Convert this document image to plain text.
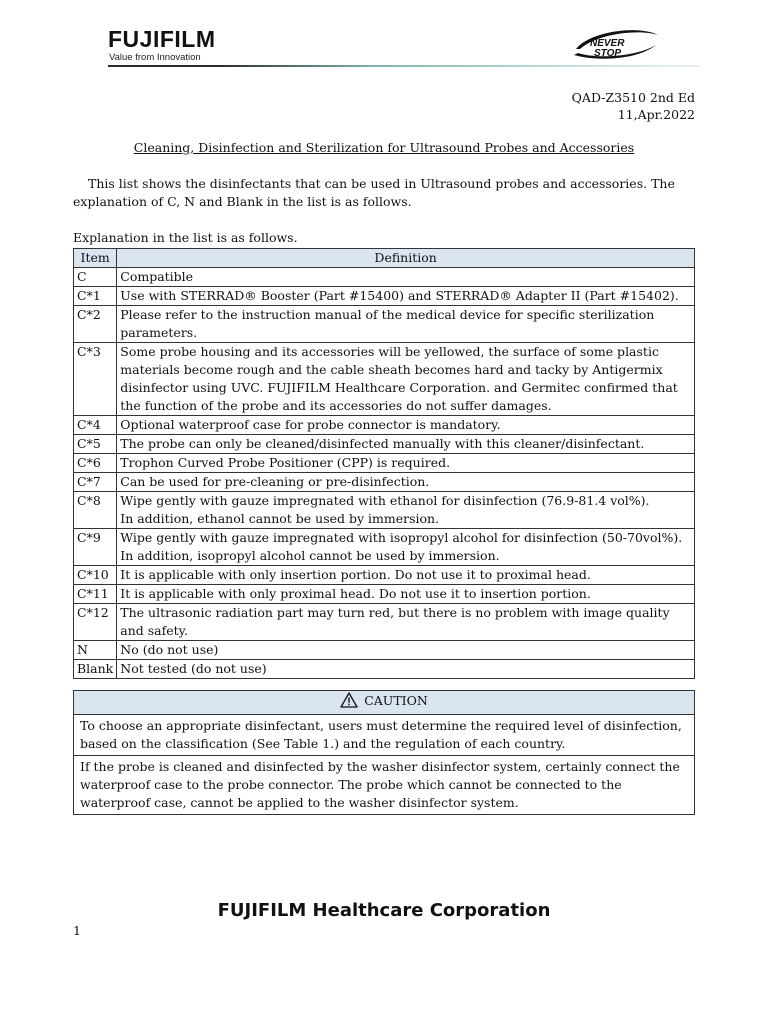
FUJIFILM
Value from Innovation
NEVER
STOP
QAD-Z3510 2nd Ed
11,Apr.2022
Cleaning, Disinfection and Sterilization for Ultrasound Probes and Accessories
This list shows the disinfectants that can be used in Ultrasound probes and accessories. The explanation of C, N and Blank in the list is as follows.
Explanation in the list is as follows.
Item	Definition
C	Compatible
C*1	Use with STERRAD® Booster (Part #15400) and STERRAD® Adapter II (Part #15402).
C*2	Please refer to the instruction manual of the medical device for specific sterilization parameters.
C*3	Some probe housing and its accessories will be yellowed, the surface of some plastic materials become rough and the cable sheath becomes hard and tacky by Antigermix disinfector using UVC. FUJIFILM Healthcare Corporation. and Germitec confirmed that the function of the probe and its accessories do not suffer damages.
C*4	Optional waterproof case for probe connector is mandatory.
C*5	The probe can only be cleaned/disinfected manually with this cleaner/disinfectant.
C*6	Trophon Curved Probe Positioner (CPP) is required.
C*7	Can be used for pre-cleaning or pre-disinfection.
C*8	Wipe gently with gauze impregnated with ethanol for disinfection (76.9-81.4 vol%).
In addition, ethanol cannot be used by immersion.

C*9	Wipe gently with gauze impregnated with isopropyl alcohol for disinfection (50-70vol%).
In addition, isopropyl alcohol cannot be used by immersion.

C*10	It is applicable with only insertion portion. Do not use it to proximal head.
C*11	It is applicable with only proximal head. Do not use it to insertion portion.
C*12	The ultrasonic radiation part may turn red, but there is no problem with image quality and safety.
N	No (do not use)
Blank	Not tested (do not use)
CAUTION
To choose an appropriate disinfectant, users must determine the required level of disinfection, based on the classification (See Table 1.) and the regulation of each country.
If the probe is cleaned and disinfected by the washer disinfector system, certainly connect the waterproof case to the probe connector. The probe which cannot be connected to the waterproof case, cannot be applied to the washer disinfector system.
FUJIFILM Healthcare Corporation
1
